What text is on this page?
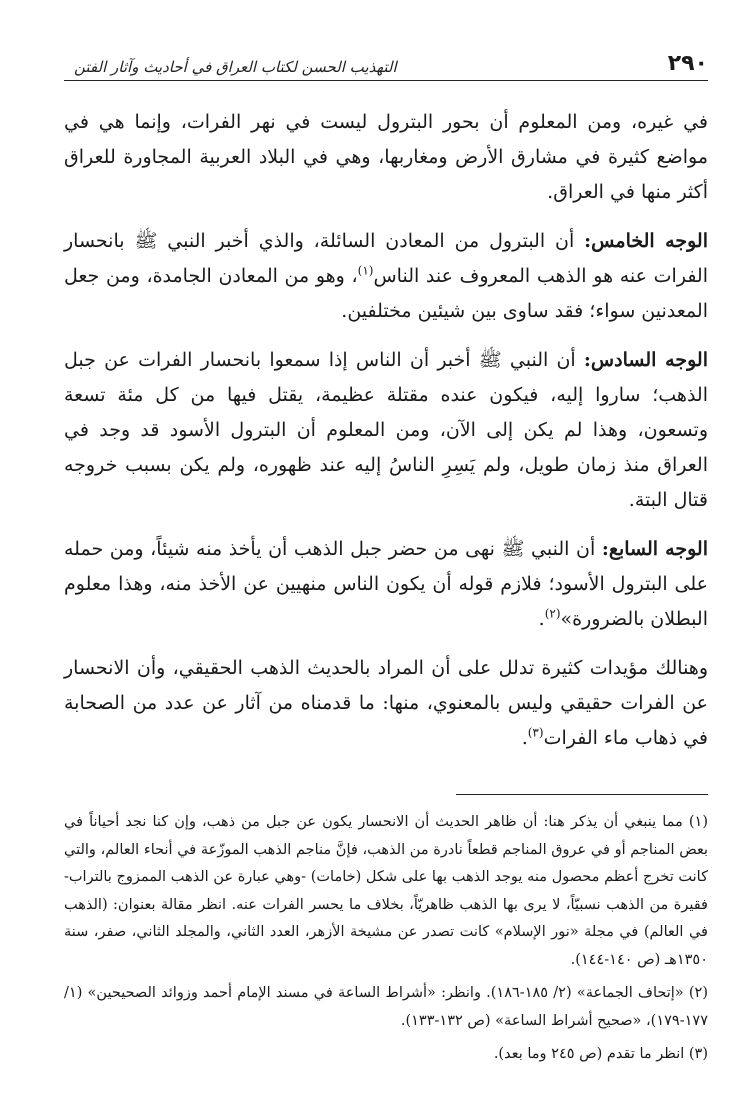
٢٩٠
التهذيب الحسن لكتاب العراق في أحاديث وآثار الفتن

في غيره، ومن المعلوم أن بحور البترول ليست في نهر الفرات، وإنما هي في مواضع كثيرة في مشارق الأرض ومغاربها، وهي في البلاد العربية المجاورة للعراق أكثر منها في العراق.

الوجه الخامس: أن البترول من المعادن السائلة، والذي أخبر النبي ﷺ بانحسار الفرات عنه هو الذهب المعروف عند الناس$^{(١)}$، وهو من المعادن الجامدة، ومن جعل المعدنين سواء؛ فقد ساوى بين شيئين مختلفين.

الوجه السادس: أن النبي ﷺ أخبر أن الناس إذا سمعوا بانحسار الفرات عن جبل الذهب؛ ساروا إليه، فيكون عنده مقتلة عظيمة، يقتل فيها من كل مئة تسعة وتسعون، وهذا لم يكن إلى الآن، ومن المعلوم أن البترول الأسود قد وجد في العراق منذ زمان طويل، ولم يَسِرِ الناسُ إليه عند ظهوره، ولم يكن بسبب خروجه قتال البتة.

الوجه السابع: أن النبي ﷺ نهى من حضر جبل الذهب أن يأخذ منه شيئاً، ومن حمله على البترول الأسود؛ فلازم قوله أن يكون الناس منهيين عن الأخذ منه، وهذا معلوم البطلان بالضرورة»$^{(٢)}$.

وهنالك مؤيدات كثيرة تدلل على أن المراد بالحديث الذهب الحقيقي، وأن الانحسار عن الفرات حقيقي وليس بالمعنوي، منها: ما قدمناه من آثار عن عدد من الصحابة في ذهاب ماء الفرات$^{(٣)}$.

(١) مما ينبغي أن يذكر هنا: أن ظاهر الحديث أن الانحسار يكون عن جبل من ذهب، وإن كنا نجد أحياناً في بعض المناجم أو في عروق المناجم قطعاً نادرة من الذهب، فإنَّ مناجم الذهب الموزّعة في أنحاء العالم، والتي كانت تخرج أعظم محصول منه يوجد الذهب بها على شكل (خامات) -وهي عبارة عن الذهب الممزوج بالتراب- فقيرة من الذهب نسبيّاً، لا يرى بها الذهب ظاهريّاً، بخلاف ما يحسر الفرات عنه. انظر مقالة بعنوان: (الذهب في العالم) في مجلة «نور الإسلام» كانت تصدر عن مشيخة الأزهر، العدد الثاني، والمجلد الثاني، صفر، سنة ١٣٥٠هـ (ص ١٤٠-١٤٤).

(٢) «إتحاف الجماعة» (٢/ ١٨٥-١٨٦). وانظر: «أشراط الساعة في مسند الإمام أحمد وزوائد الصحيحين» (١/ ١٧٧-١٧٩)، «صحيح أشراط الساعة» (ص ١٣٢-١٣٣).

(٣) انظر ما تقدم (ص ٢٤٥ وما بعد).
